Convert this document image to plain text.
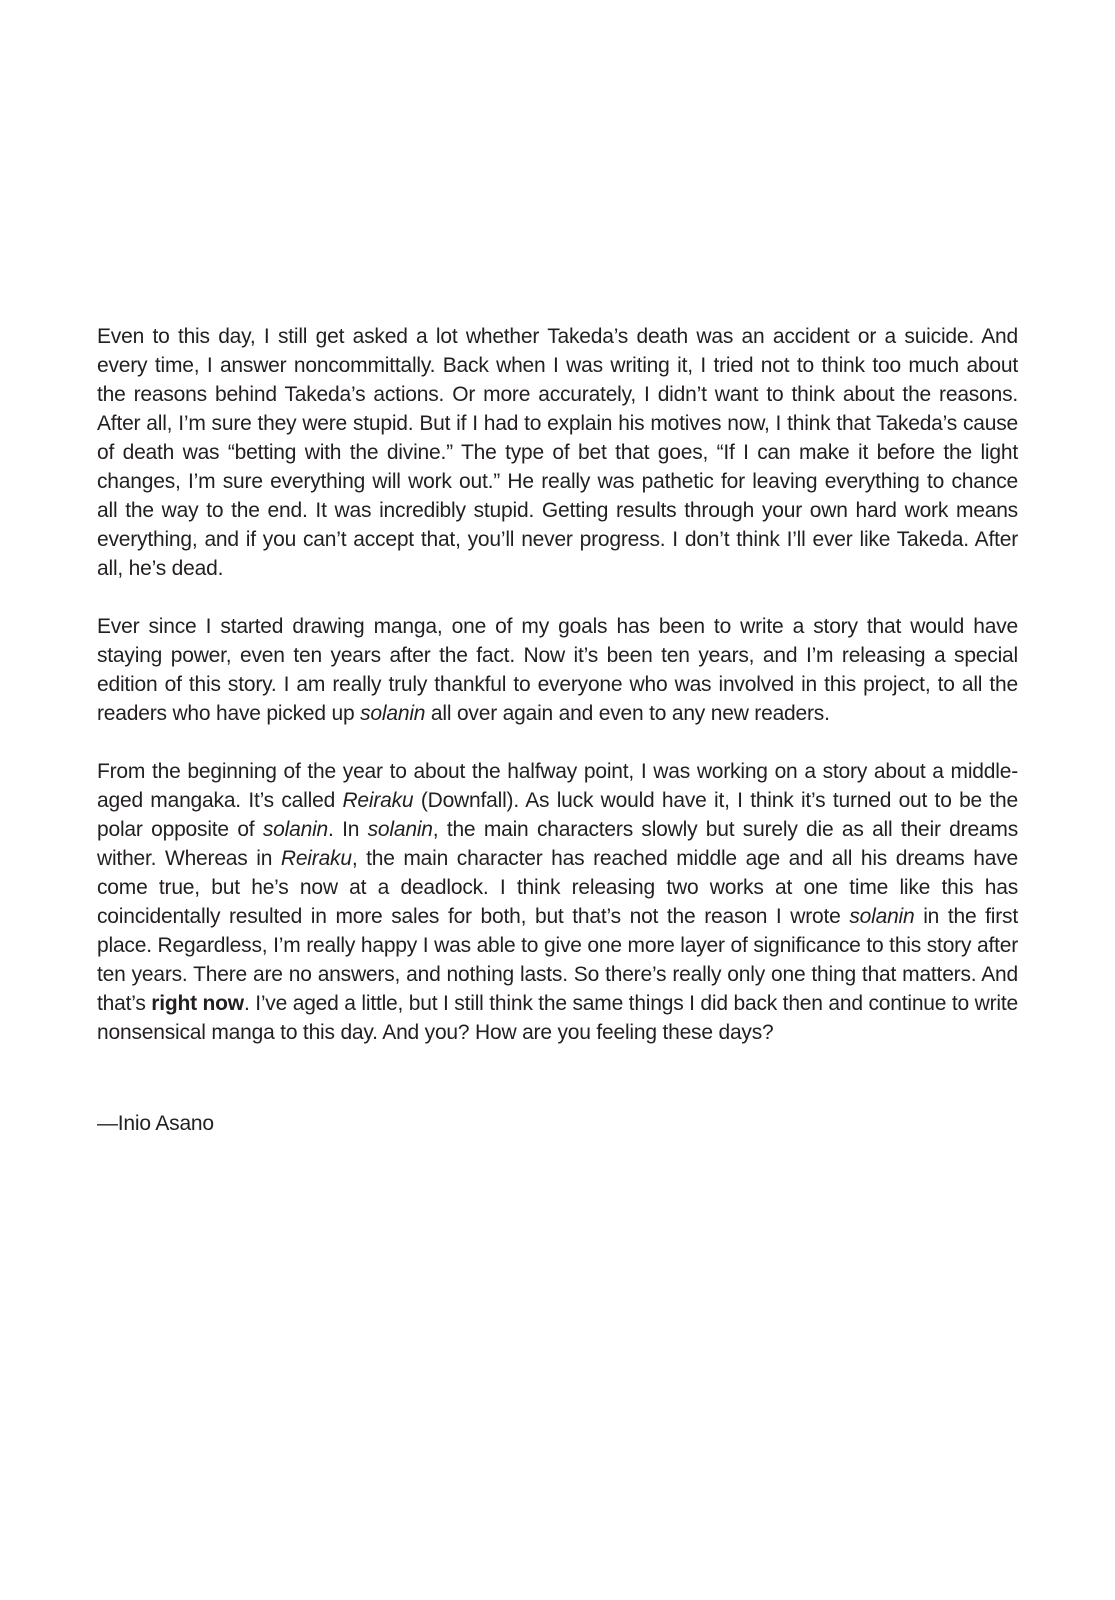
Even to this day, I still get asked a lot whether Takeda’s death was an accident or a suicide. And every time, I answer noncommittally. Back when I was writing it, I tried not to think too much about the reasons behind Takeda’s actions. Or more accurately, I didn’t want to think about the reasons. After all, I’m sure they were stupid. But if I had to explain his motives now, I think that Takeda’s cause of death was “betting with the divine.” The type of bet that goes, “If I can make it before the light changes, I’m sure everything will work out.” He really was pathetic for leaving everything to chance all the way to the end. It was incredibly stupid. Getting results through your own hard work means everything, and if you can’t accept that, you’ll never progress. I don’t think I’ll ever like Takeda. After all, he’s dead.

Ever since I started drawing manga, one of my goals has been to write a story that would have staying power, even ten years after the fact. Now it’s been ten years, and I’m releasing a special edition of this story. I am really truly thankful to everyone who was involved in this project, to all the readers who have picked up solanin all over again and even to any new readers.

From the beginning of the year to about the halfway point, I was working on a story about a middle-aged mangaka. It’s called Reiraku (Downfall). As luck would have it, I think it’s turned out to be the polar opposite of solanin. In solanin, the main characters slowly but surely die as all their dreams wither. Whereas in Reiraku, the main character has reached middle age and all his dreams have come true, but he’s now at a deadlock. I think releasing two works at one time like this has coincidentally resulted in more sales for both, but that’s not the reason I wrote solanin in the first place. Regardless, I’m really happy I was able to give one more layer of significance to this story after ten years. There are no answers, and nothing lasts. So there’s really only one thing that matters. And that’s right now. I’ve aged a little, but I still think the same things I did back then and continue to write nonsensical manga to this day. And you? How are you feeling these days?

—Inio Asano
